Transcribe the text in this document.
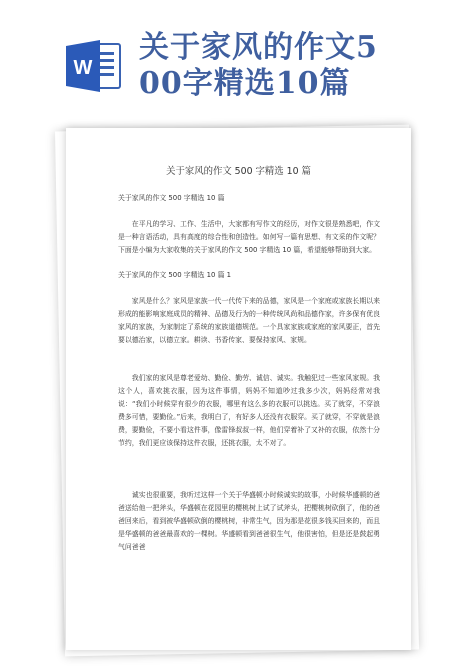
W
关于家风的作文5
00字精选10篇
关于家风的作文 500 字精选 10 篇

关于家风的作文 500 字精选 10 篇

在平凡的学习、工作、生活中，大家都有写作文的经历，对作文很是熟悉吧，作文是一种言语活动，具有高度的综合性和创造性。如何写一篇有思想、有文采的作文呢？下面是小编为大家收集的关于家风的作文 500 字精选 10 篇，希望能够帮助到大家。

关于家风的作文 500 字精选 10 篇 1

家风是什么？家风是家族一代一代传下来的品德，家风是一个家庭或家族长期以来形成的能影响家庭成员的精神、品德及行为的一种传统风尚和品德作家，许多保有优良家风的家族，为家制定了系统的家族道德规范。一个具家家族或家庭的家风要正，首先要以德治家，以德立家。耕读、书香传家、要保持家风、家规。

我们家的家风是尊老爱幼、勤俭、勤劳、诚信、诚实。我触犯过一些家风家规。我这个人，喜欢挑衣服，因为这件事情，妈妈不知道吵过我多少次，妈妈经常对我说：“我们小时候穿有很少的衣服，哪里有这么多的衣服可以挑选。买了就穿，不穿浪费多可惜，要勤俭。”后来，我明白了，有好多人还没有衣服穿。买了就穿，不穿就是浪费，要勤俭，不要小看这件事，像雷锋叔叔一样，他们穿着补了又补的衣服，依然十分节约，我们更应该保持这件衣服，还挑衣服，太不对了。

诚实也很重要，我听过这样一个关于华盛顿小时候诚实的故事，小时候华盛顿的爸爸送给他一把斧头，华盛顿在花园里的樱桃树上试了试斧头，把樱桃树砍倒了，他的爸爸回来后，看到被华盛顿砍倒的樱桃树，非常生气，因为那是花很多钱买回来的，而且是华盛顿的爸爸最喜欢的一棵树。华盛顿看到爸爸很生气，他很害怕，但是还是鼓起勇气问爸爸
